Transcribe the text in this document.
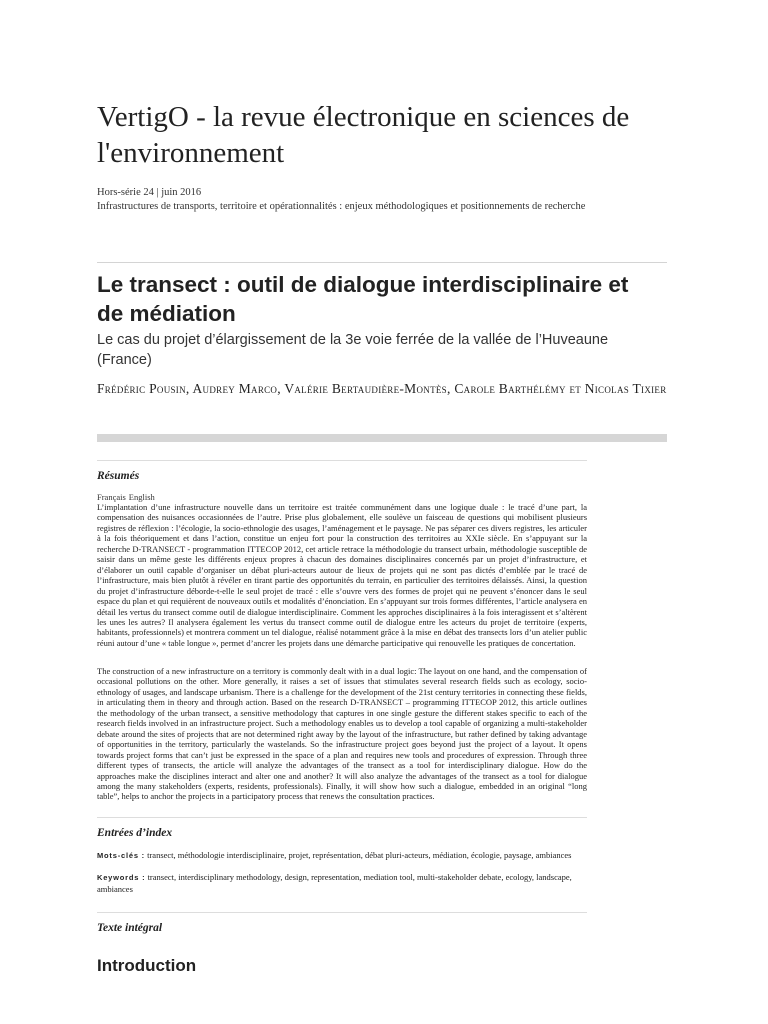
VertigO - la revue électronique en sciences de l'environnement
Hors-série 24 | juin 2016
Infrastructures de transports, territoire et opérationnalités : enjeux méthodologiques et positionnements de recherche
Le transect : outil de dialogue interdisciplinaire et de médiation
Le cas du projet d’élargissement de la 3e voie ferrée de la vallée de l’Huveaune (France)
Frédéric Pousin, Audrey Marco, Valérie Bertaudière-Montès, Carole Barthélémy et Nicolas Tixier
Résumés
Français English

L’implantation d’une infrastructure nouvelle dans un territoire est traitée communément dans une logique duale : le tracé d’une part, la compensation des nuisances occasionnées de l’autre. Prise plus globalement, elle soulève un faisceau de questions qui mobilisent plusieurs registres de réflexion : l’écologie, la socio-ethnologie des usages, l’aménagement et le paysage. Ne pas séparer ces divers registres, les articuler à la fois théoriquement et dans l’action, constitue un enjeu fort pour la construction des territoires au XXIe siècle. En s’appuyant sur la recherche D-TRANSECT - programmation ITTECOP 2012, cet article retrace la méthodologie du transect urbain, méthodologie susceptible de saisir dans un même geste les différents enjeux propres à chacun des domaines disciplinaires concernés par un projet d’infrastructure, et d’élaborer un outil capable d’organiser un débat pluri-acteurs autour de lieux de projets qui ne sont pas dictés d’emblée par le tracé de l’infrastructure, mais bien plutôt à révéler en tirant partie des opportunités du terrain, en particulier des territoires délaissés. Ainsi, la question du projet d’infrastructure déborde-t-elle le seul projet de tracé : elle s’ouvre vers des formes de projet qui ne peuvent s’énoncer dans le seul espace du plan et qui requièrent de nouveaux outils et modalités d’énonciation. En s’appuyant sur trois formes différentes, l’article analysera en détail les vertus du transect comme outil de dialogue interdisciplinaire. Comment les approches disciplinaires à la fois interagissent et s’altèrent les unes les autres? Il analysera également les vertus du transect comme outil de dialogue entre les acteurs du projet de territoire (experts, habitants, professionnels) et montrera comment un tel dialogue, réalisé notamment grâce à la mise en débat des transects lors d’un atelier public réuni autour d’une « table longue », permet d’ancrer les projets dans une démarche participative qui renouvelle les pratiques de concertation.

The construction of a new infrastructure on a territory is commonly dealt with in a dual logic: The layout on one hand, and the compensation of occasional pollutions on the other. More generally, it raises a set of issues that stimulates several research fields such as ecology, socio-ethnology of usages, and landscape urbanism. There is a challenge for the development of the 21st century territories in connecting these fields, in articulating them in theory and through action. Based on the research D-TRANSECT – programming ITTECOP 2012, this article outlines the methodology of the urban transect, a sensitive methodology that captures in one single gesture the different stakes specific to each of the research fields involved in an infrastructure project. Such a methodology enables us to develop a tool capable of organizing a multi-stakeholder debate around the sites of projects that are not determined right away by the layout of the infrastructure, but rather defined by taking advantage of opportunities in the territory, particularly the wastelands. So the infrastructure project goes beyond just the project of a layout. It opens towards project forms that can’t just be expressed in the space of a plan and requires new tools and procedures of expression. Through three different types of transects, the article will analyze the advantages of the transect as a tool for interdisciplinary dialogue. How do the approaches make the disciplines interact and alter one and another? It will also analyze the advantages of the transect as a tool for dialogue among the many stakeholders (experts, residents, professionals). Finally, it will show how such a dialogue, embedded in an original “long table”, helps to anchor the projects in a participatory process that renews the consultation practices.

Entrées d’index
Mots-clés : transect, méthodologie interdisciplinaire, projet, représentation, débat pluri-acteurs, médiation, écologie, paysage, ambiances
Keywords : transect, interdisciplinary methodology, design, representation, mediation tool, multi-stakeholder debate, ecology, landscape, ambiances
Texte intégral
Introduction
